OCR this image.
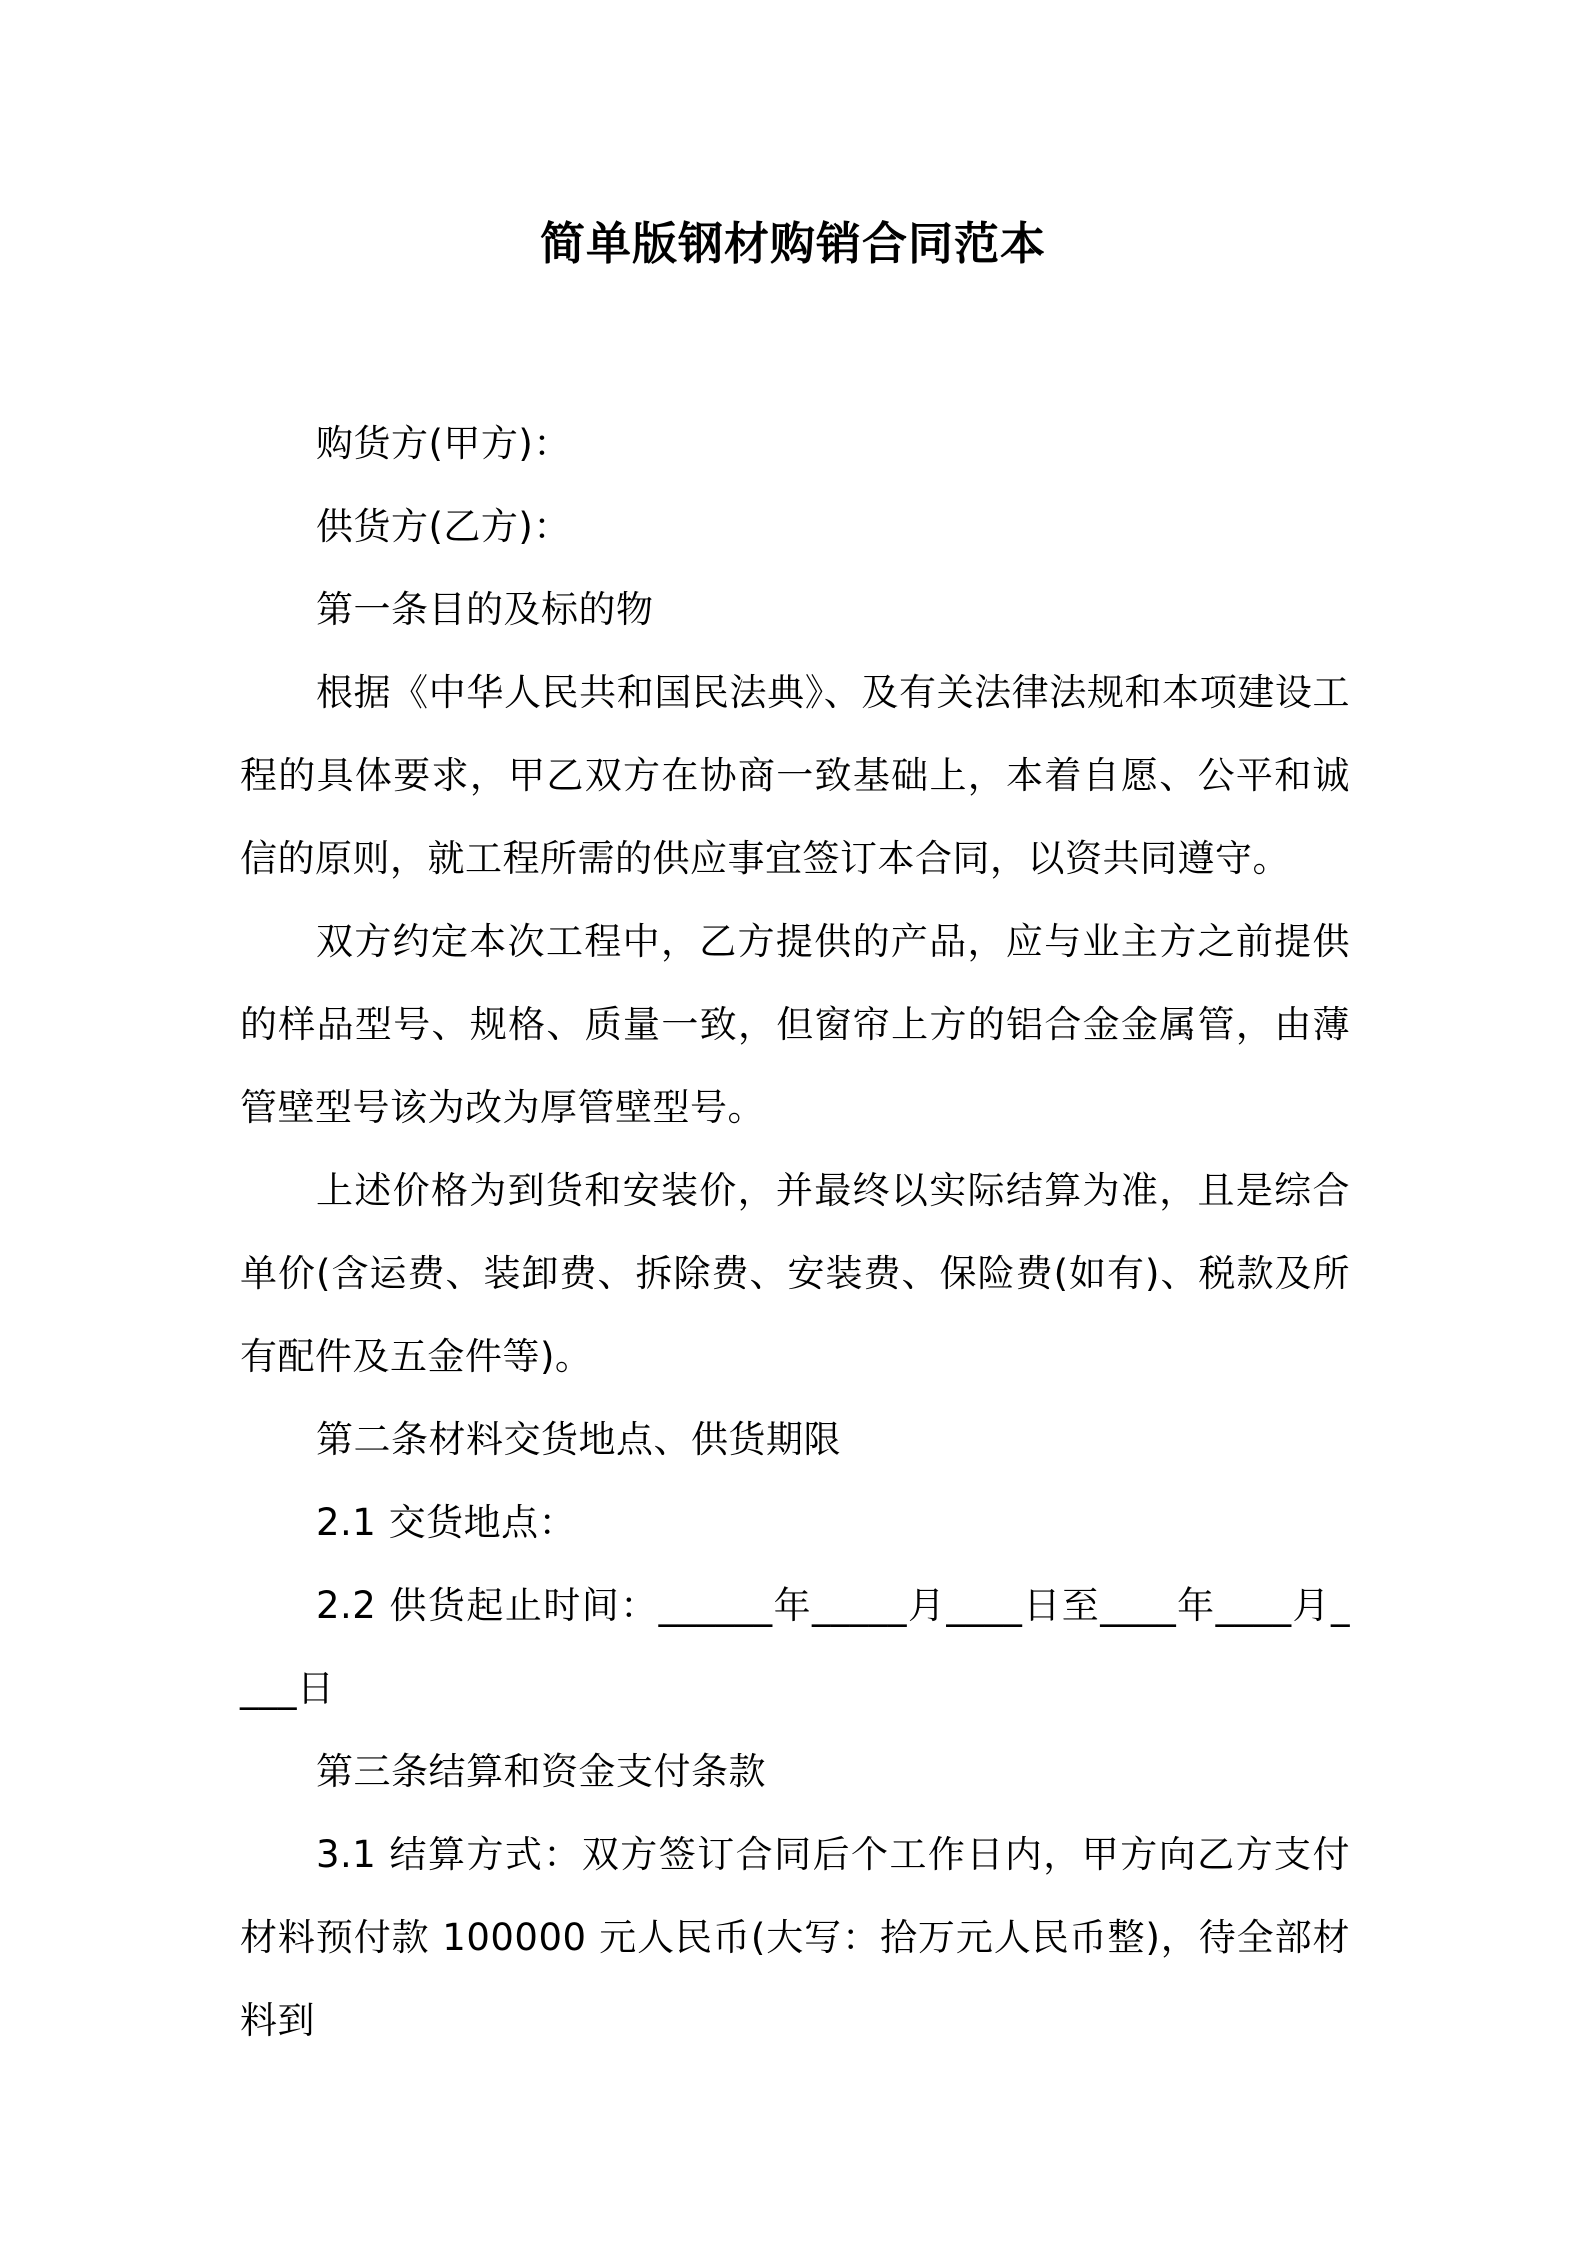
简单版钢材购销合同范本

购货方(甲方)：

供货方(乙方)：

第一条目的及标的物

根据《中华人民共和国民法典》、及有关法律法规和本项建设工程的具体要求，甲乙双方在协商一致基础上，本着自愿、公平和诚信的原则，就工程所需的供应事宜签订本合同，以资共同遵守。

双方约定本次工程中，乙方提供的产品，应与业主方之前提供的样品型号、规格、质量一致，但窗帘上方的铝合金金属管，由薄管壁型号该为改为厚管壁型号。

上述价格为到货和安装价，并最终以实际结算为准，且是综合单价(含运费、装卸费、拆除费、安装费、保险费(如有)、税款及所有配件及五金件等)。

第二条材料交货地点、供货期限

2.1 交货地点：

2.2 供货起止时间：______年_____月____日至____年____月____日

第三条结算和资金支付条款

3.1 结算方式：双方签订合同后个工作日内，甲方向乙方支付材料预付款 100000 元人民币(大写：拾万元人民币整)，待全部材料到
